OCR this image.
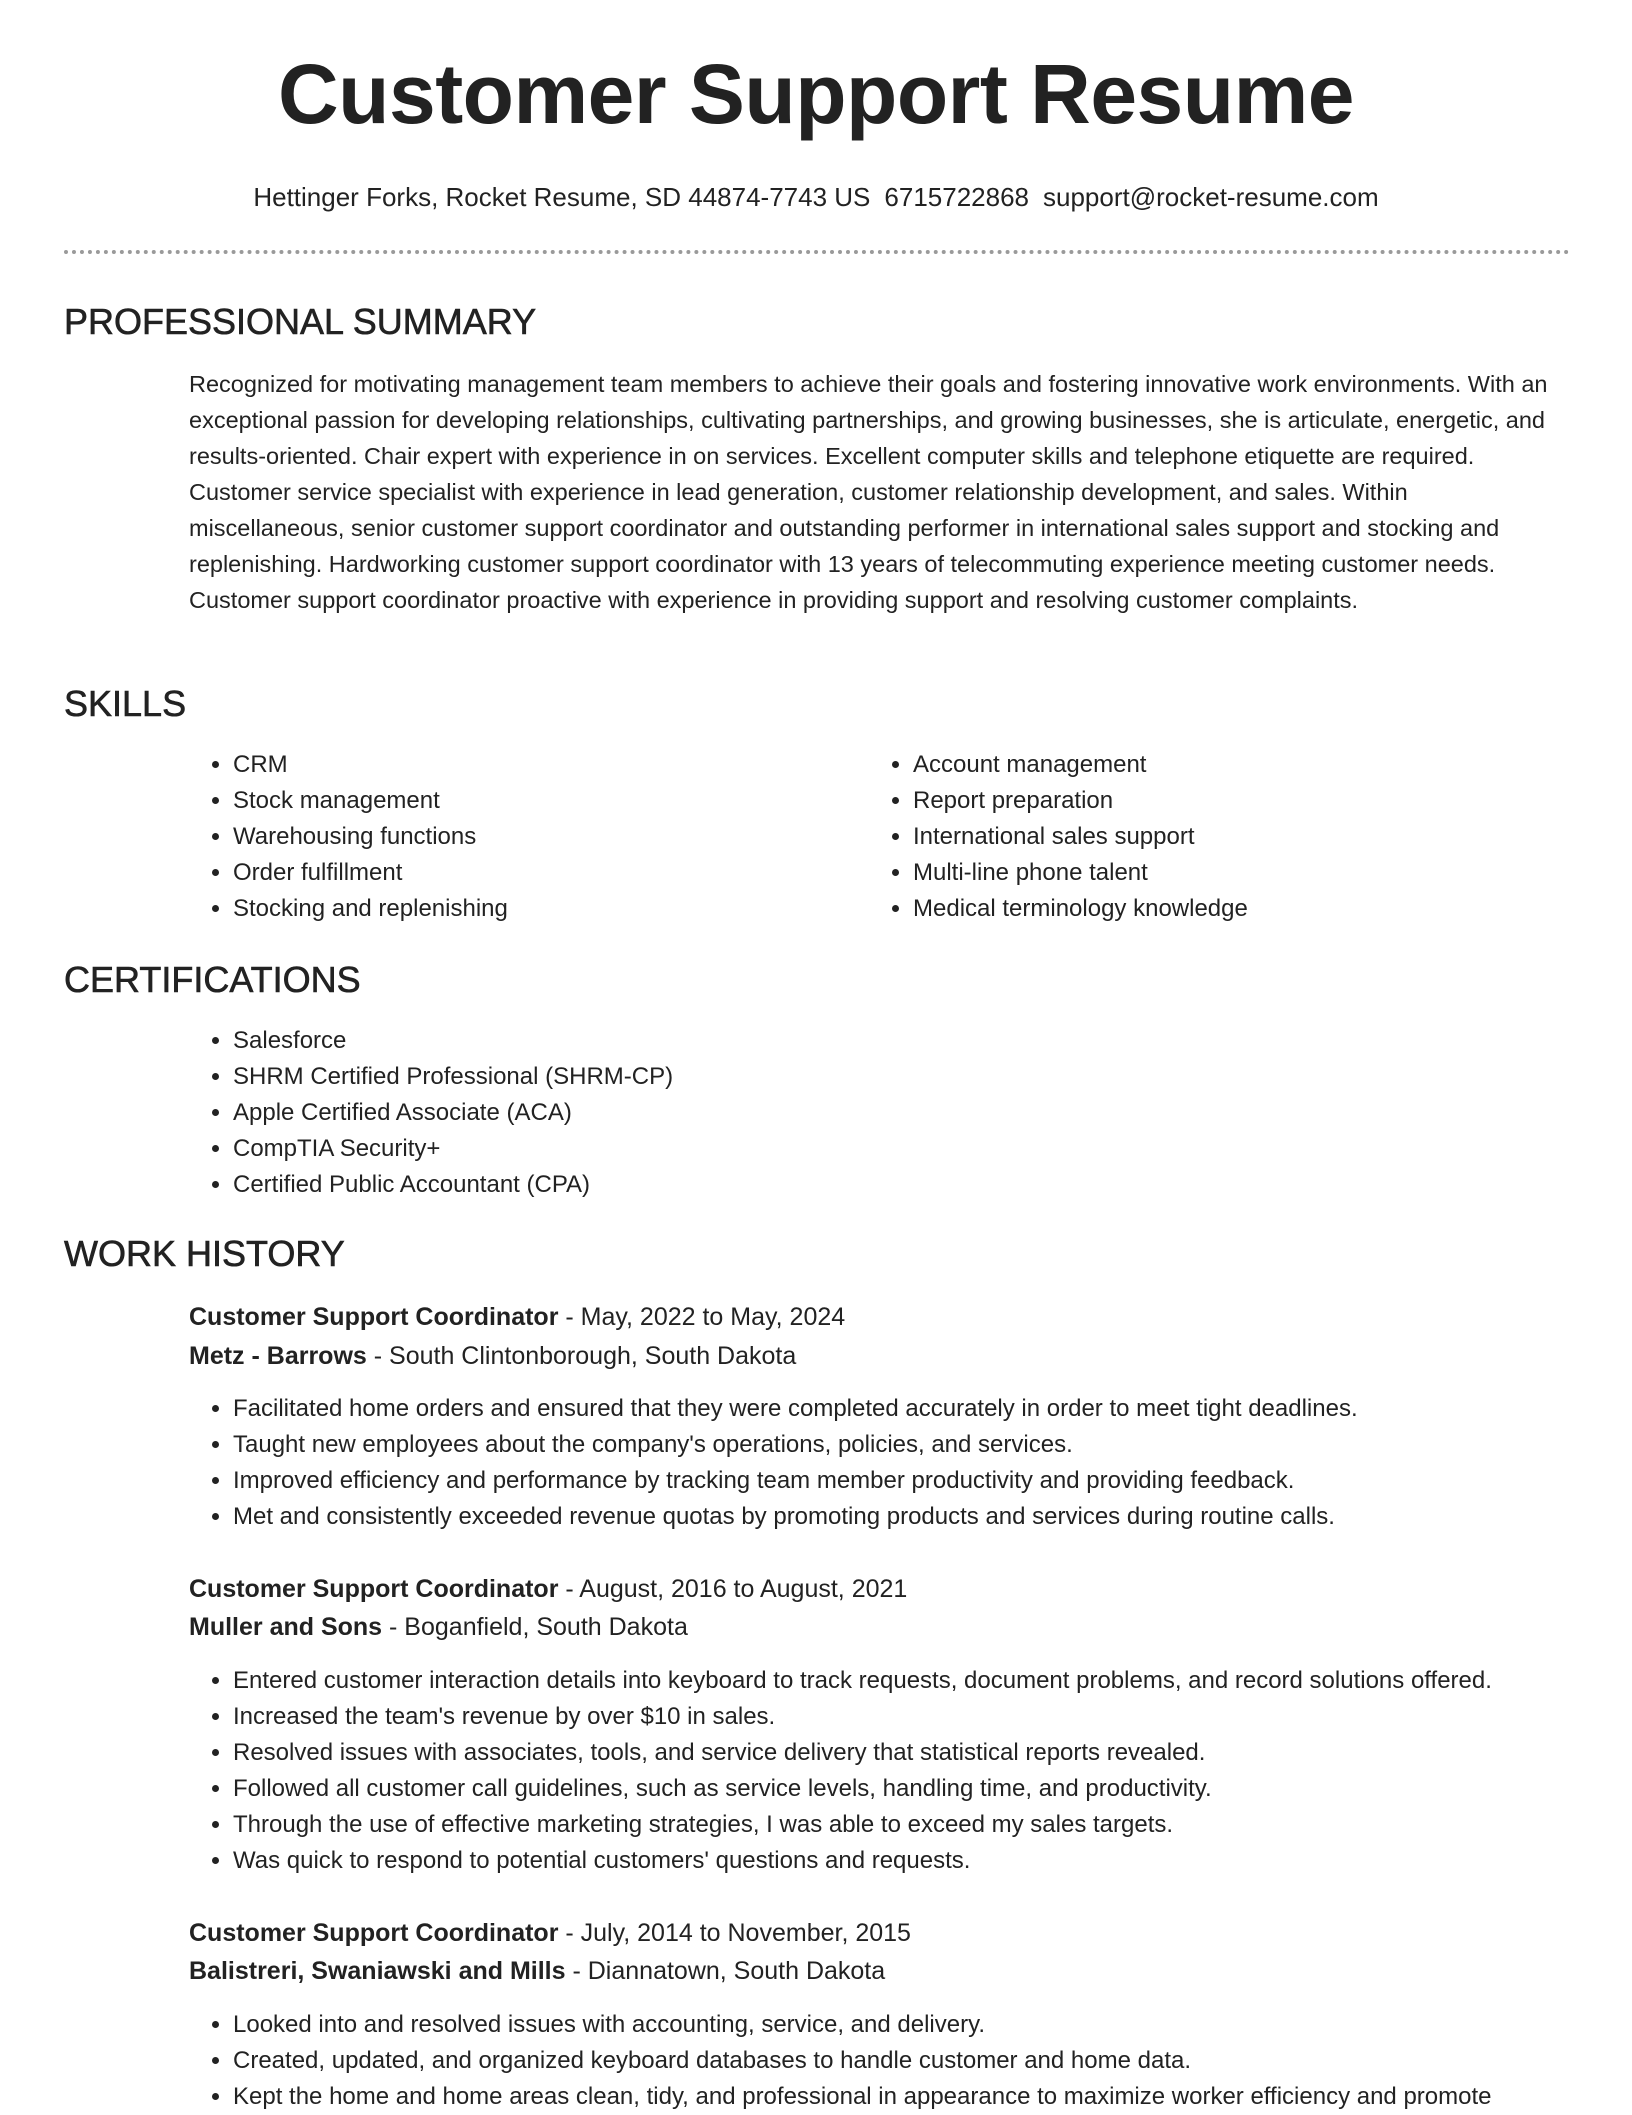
Customer Support Resume
Hettinger Forks, Rocket Resume, SD 44874-7743 US 6715722868 support@rocket-resume.com
PROFESSIONAL SUMMARY

Recognized for motivating management team members to achieve their goals and fostering innovative work environments. With an exceptional passion for developing relationships, cultivating partnerships, and growing businesses, she is articulate, energetic, and results-oriented. Chair expert with experience in on services. Excellent computer skills and telephone etiquette are required. Customer service specialist with experience in lead generation, customer relationship development, and sales. Within miscellaneous, senior customer support coordinator and outstanding performer in international sales support and stocking and replenishing. Hardworking customer support coordinator with 13 years of telecommuting experience meeting customer needs. Customer support coordinator proactive with experience in providing support and resolving customer complaints.

SKILLS
• CRM
• Stock management
• Warehousing functions
• Order fulfillment
• Stocking and replenishing
• Account management
• Report preparation
• International sales support
• Multi-line phone talent
• Medical terminology knowledge
CERTIFICATIONS
• Salesforce
• SHRM Certified Professional (SHRM-CP)
• Apple Certified Associate (ACA)
• CompTIA Security+
• Certified Public Accountant (CPA)
WORK HISTORY
Customer Support Coordinator - May, 2022 to May, 2024
Metz - Barrows - South Clintonborough, South Dakota
• Facilitated home orders and ensured that they were completed accurately in order to meet tight deadlines.
• Taught new employees about the company's operations, policies, and services.
• Improved efficiency and performance by tracking team member productivity and providing feedback.
• Met and consistently exceeded revenue quotas by promoting products and services during routine calls.
Customer Support Coordinator - August, 2016 to August, 2021
Muller and Sons - Boganfield, South Dakota
• Entered customer interaction details into keyboard to track requests, document problems, and record solutions offered.
• Increased the team's revenue by over $10 in sales.
• Resolved issues with associates, tools, and service delivery that statistical reports revealed.
• Followed all customer call guidelines, such as service levels, handling time, and productivity.
• Through the use of effective marketing strategies, I was able to exceed my sales targets.
• Was quick to respond to potential customers' questions and requests.
Customer Support Coordinator - July, 2014 to November, 2015
Balistreri, Swaniawski and Mills - Diannatown, South Dakota
• Looked into and resolved issues with accounting, service, and delivery.
• Created, updated, and organized keyboard databases to handle customer and home data.
• Kept the home and home areas clean, tidy, and professional in appearance to maximize worker efficiency and promote
